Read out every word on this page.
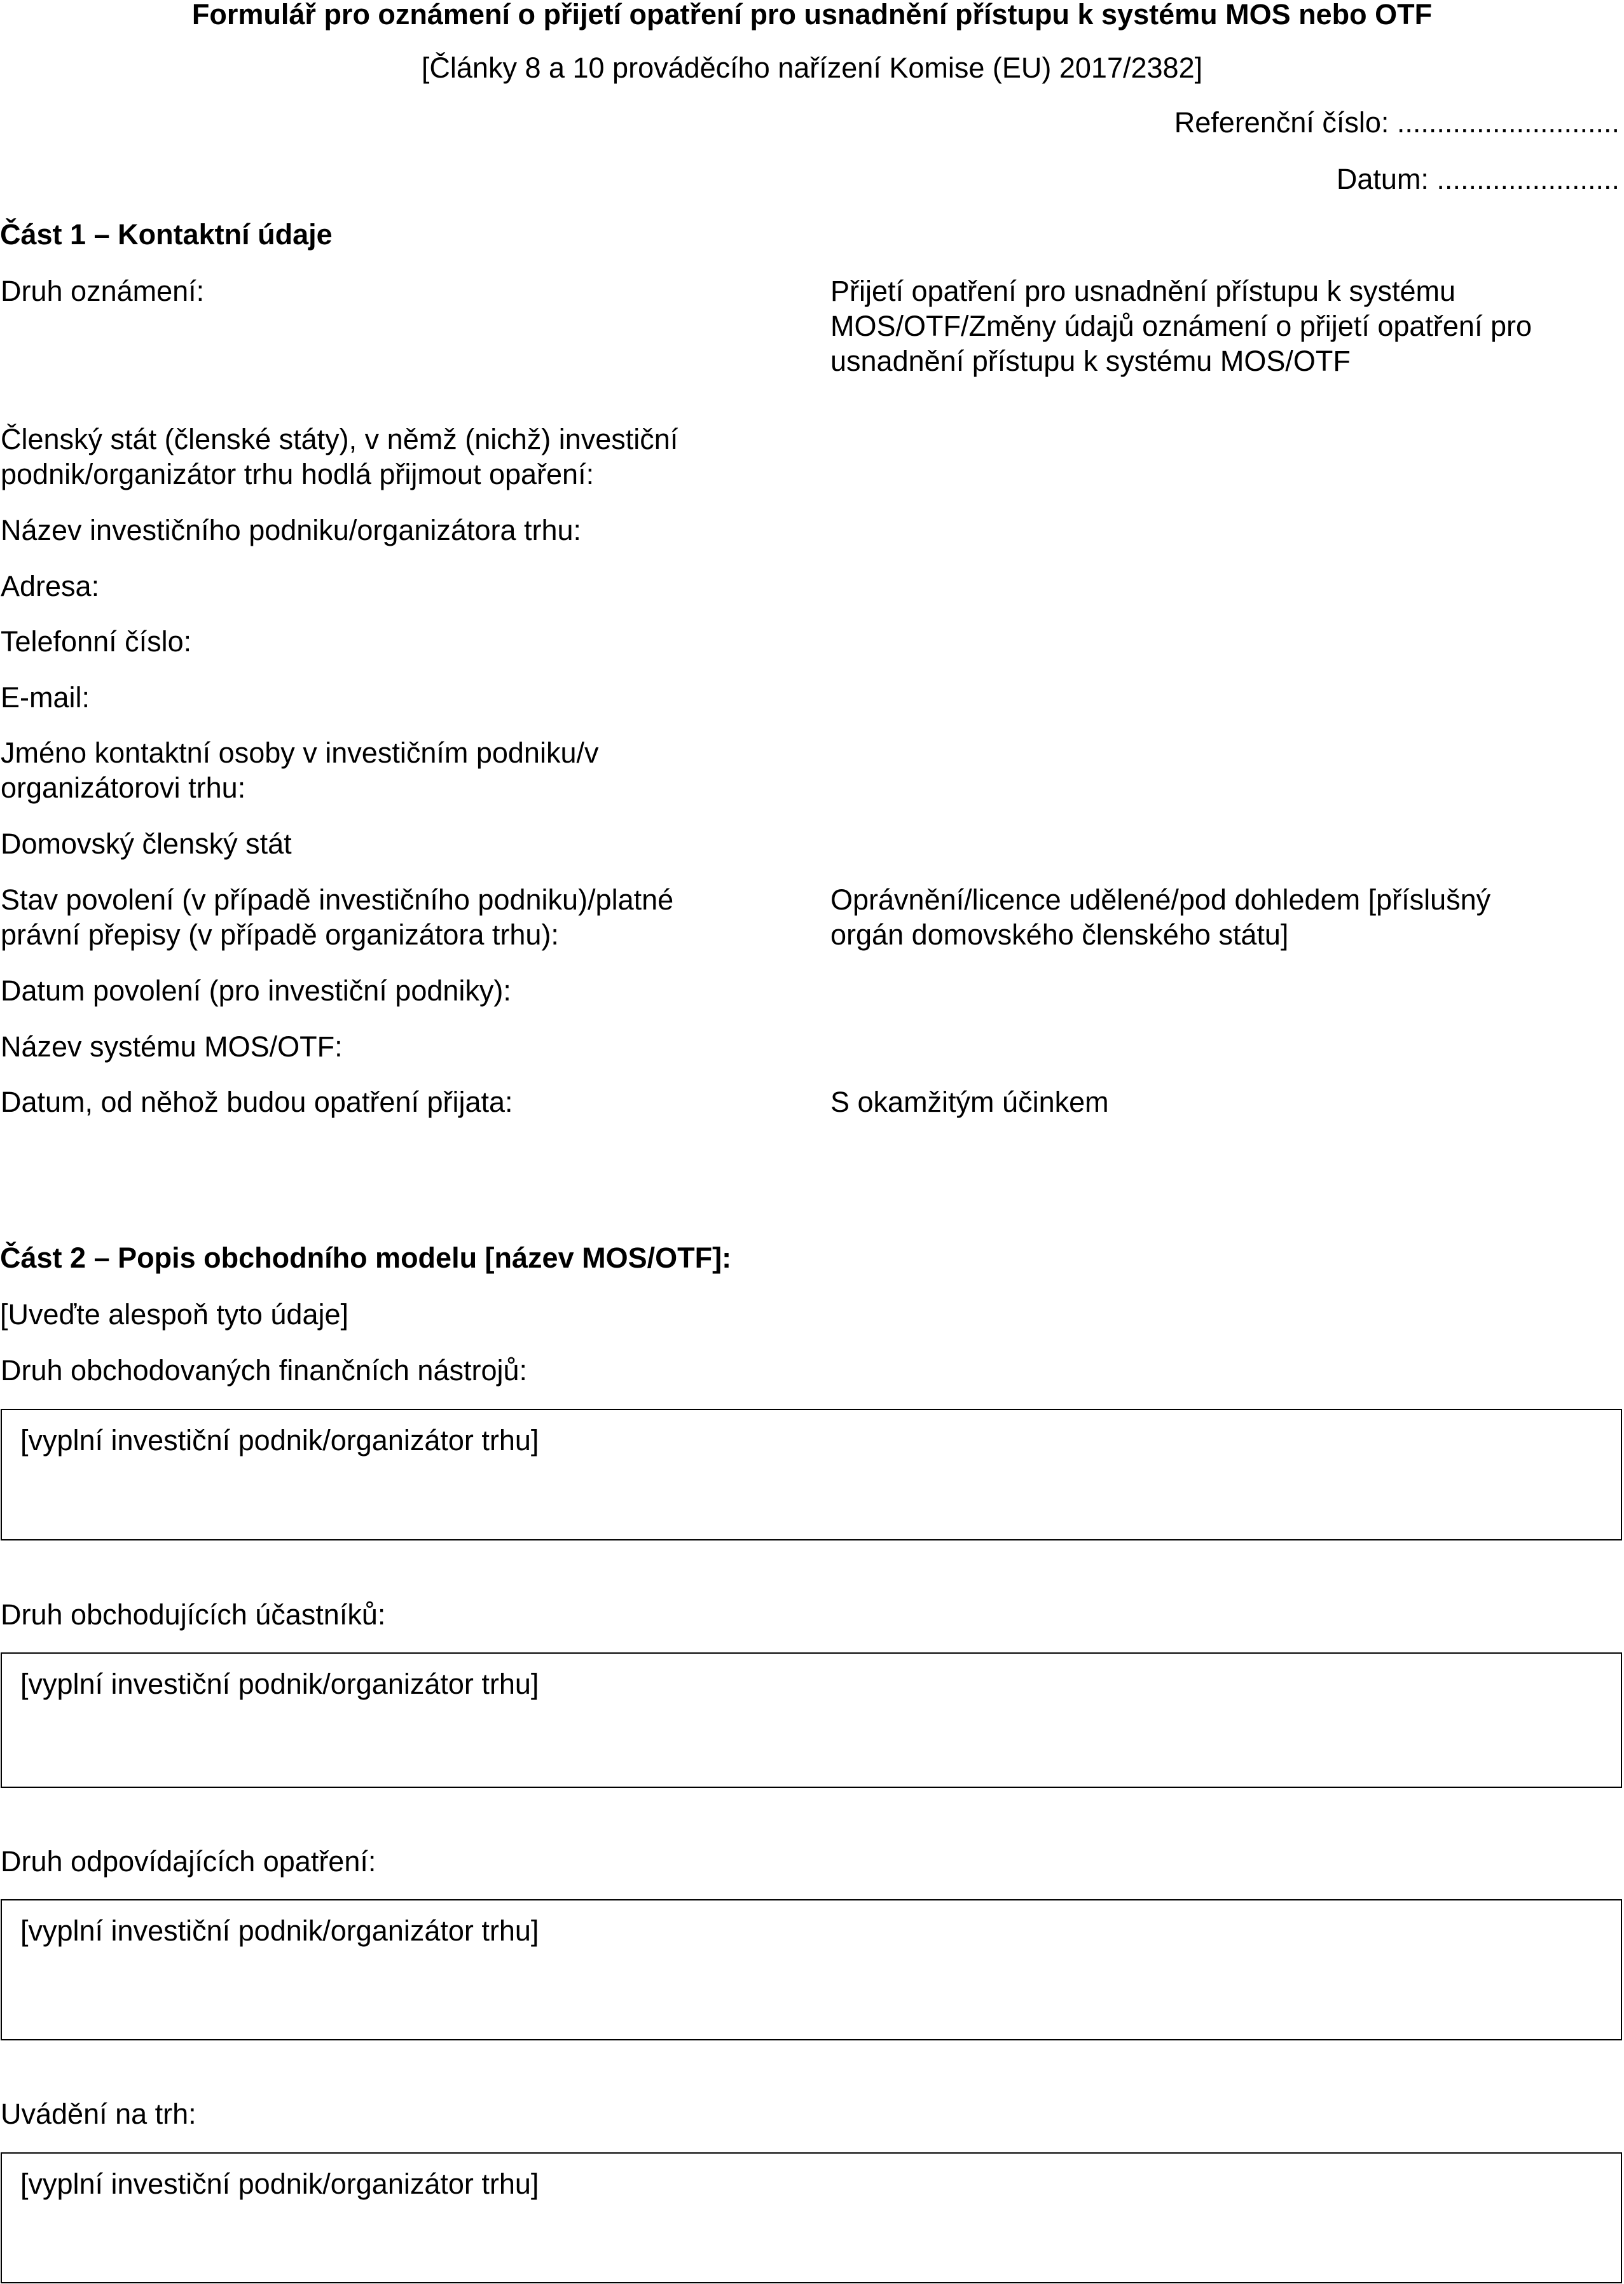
Formulář pro oznámení o přijetí opatření pro usnadnění přístupu k systému MOS nebo OTF
[Články 8 a 10 prováděcího nařízení Komise (EU) 2017/2382]
Referenční číslo: ............................
Datum: .......................
Část 1 – Kontaktní údaje
Druh oznámení:	Přijetí opatření pro usnadnění přístupu k systému
MOS/OTF/Změny údajů oznámení o přijetí opatření pro
usnadnění přístupu k systému MOS/OTF
Členský stát (členské státy), v němž (nichž) investiční
podnik/organizátor trhu hodlá přijmout opaření:
Název investičního podniku/organizátora trhu:
Adresa:
Telefonní číslo:
E-mail:
Jméno kontaktní osoby v investičním podniku/v
organizátorovi trhu:
Domovský členský stát
Stav povolení (v případě investičního podniku)/platné
právní přepisy (v případě organizátora trhu):
Oprávnění/licence udělené/pod dohledem [příslušný
orgán domovského členského státu]
Datum povolení (pro investiční podniky):
Název systému MOS/OTF:
Datum, od něhož budou opatření přijata:	S okamžitým účinkem
Část 2 – Popis obchodního modelu [název MOS/OTF]:
[Uveďte alespoň tyto údaje]
Druh obchodovaných finančních nástrojů:
[vyplní investiční podnik/organizátor trhu]
Druh obchodujících účastníků:
[vyplní investiční podnik/organizátor trhu]
Druh odpovídajících opatření:
[vyplní investiční podnik/organizátor trhu]
Uvádění na trh:
[vyplní investiční podnik/organizátor trhu]
